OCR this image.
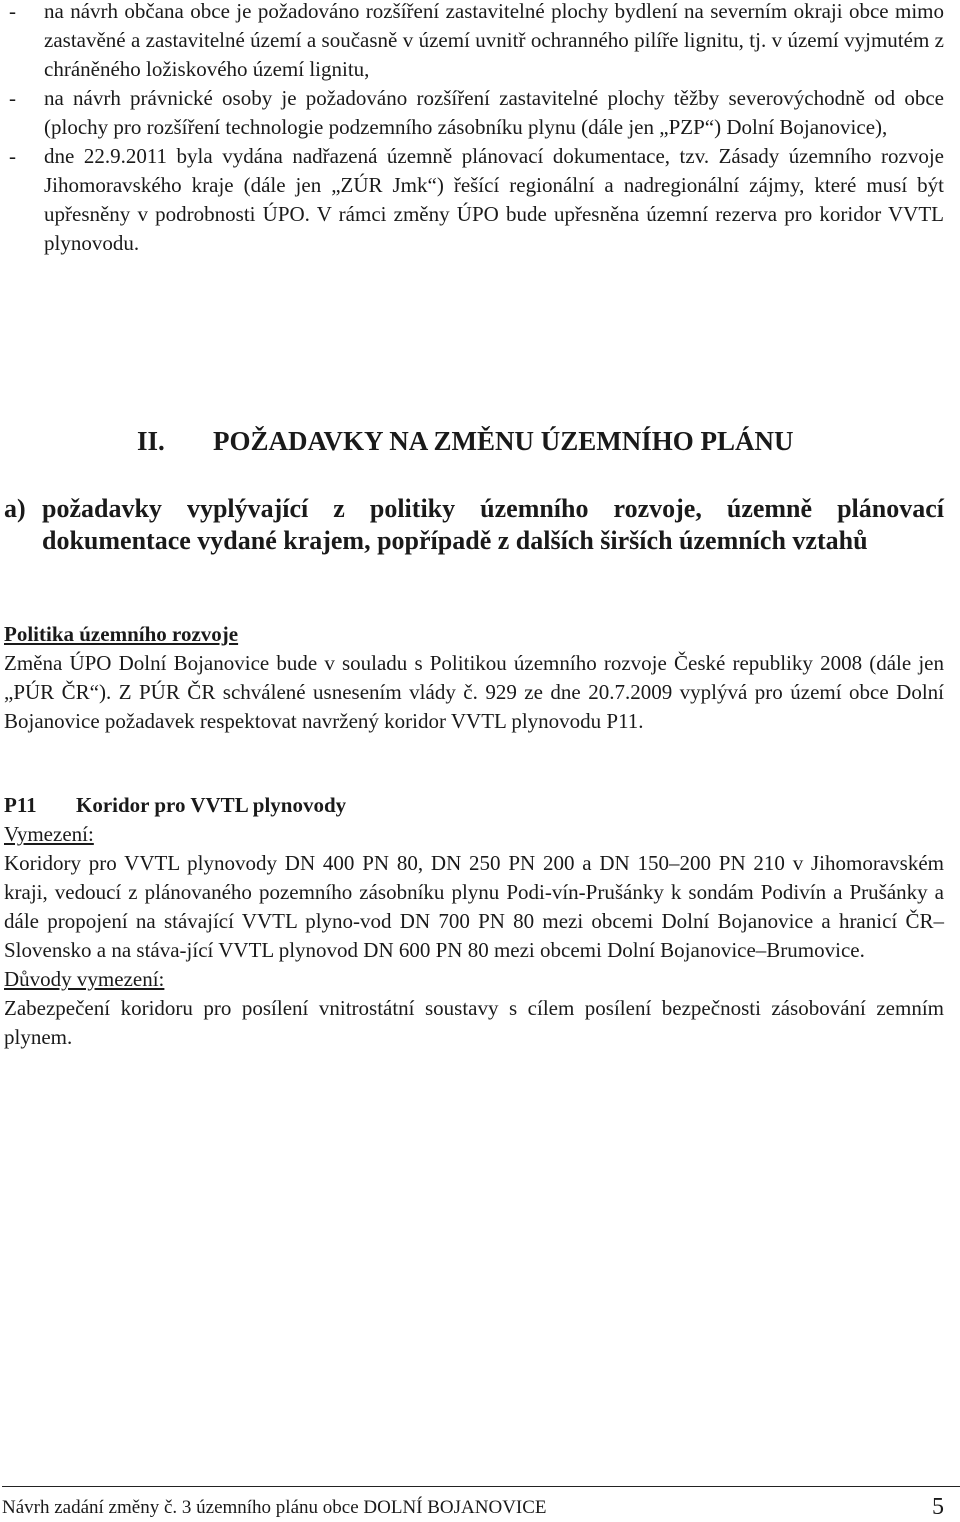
- na návrh občana obce je požadováno rozšíření zastavitelné plochy bydlení na severním okraji obce mimo zastavěné a zastavitelné území a současně v území uvnitř ochranného pilíře lignitu, tj. v území vyjmutém z chráněného ložiskového území lignitu,

- na návrh právnické osoby je požadováno rozšíření zastavitelné plochy těžby severovýchodně od obce (plochy pro rozšíření technologie podzemního zásobníku plynu (dále jen „PZP“) Dolní Bojanovice),

- dne 22.9.2011 byla vydána nadřazená územně plánovací dokumentace, tzv. Zásady územního rozvoje Jihomoravského kraje (dále jen „ZÚR Jmk“) řešící regionální a nadregionální zájmy, které musí být upřesněny v podrobnosti ÚPO. V rámci změny ÚPO bude upřesněna územní rezerva pro koridor VVTL plynovodu.

II. POŽADAVKY NA ZMĚNU ÚZEMNÍHO PLÁNU
a) požadavky vyplývající z politiky územního rozvoje, územně plánovací dokumentace vydané krajem, popřípadě z dalších širších územních vztahů

Politika územního rozvoje

Změna ÚPO Dolní Bojanovice bude v souladu s Politikou územního rozvoje České republiky 2008 (dále jen „PÚR ČR“). Z PÚR ČR schválené usnesením vlády č. 929 ze dne 20.7.2009 vyplývá pro území obce Dolní Bojanovice požadavek respektovat navržený koridor VVTL plynovodu P11.

P11 Koridor pro VVTL plynovody

Vymezení:

Koridory pro VVTL plynovody DN 400 PN 80, DN 250 PN 200 a DN 150–200 PN 210 v Jihomoravském kraji, vedoucí z plánovaného pozemního zásobníku plynu Podi-vín-Prušánky k sondám Podivín a Prušánky a dále propojení na stávající VVTL plyno-vod DN 700 PN 80 mezi obcemi Dolní Bojanovice a hranicí ČR–Slovensko a na stáva-jící VVTL plynovod DN 600 PN 80 mezi obcemi Dolní Bojanovice–Brumovice.

Důvody vymezení:

Zabezpečení koridoru pro posílení vnitrostátní soustavy s cílem posílení bezpečnosti zásobování zemním plynem.

Návrh zadání změny č. 3 územního plánu obce DOLNÍ BOJANOVICE	5
